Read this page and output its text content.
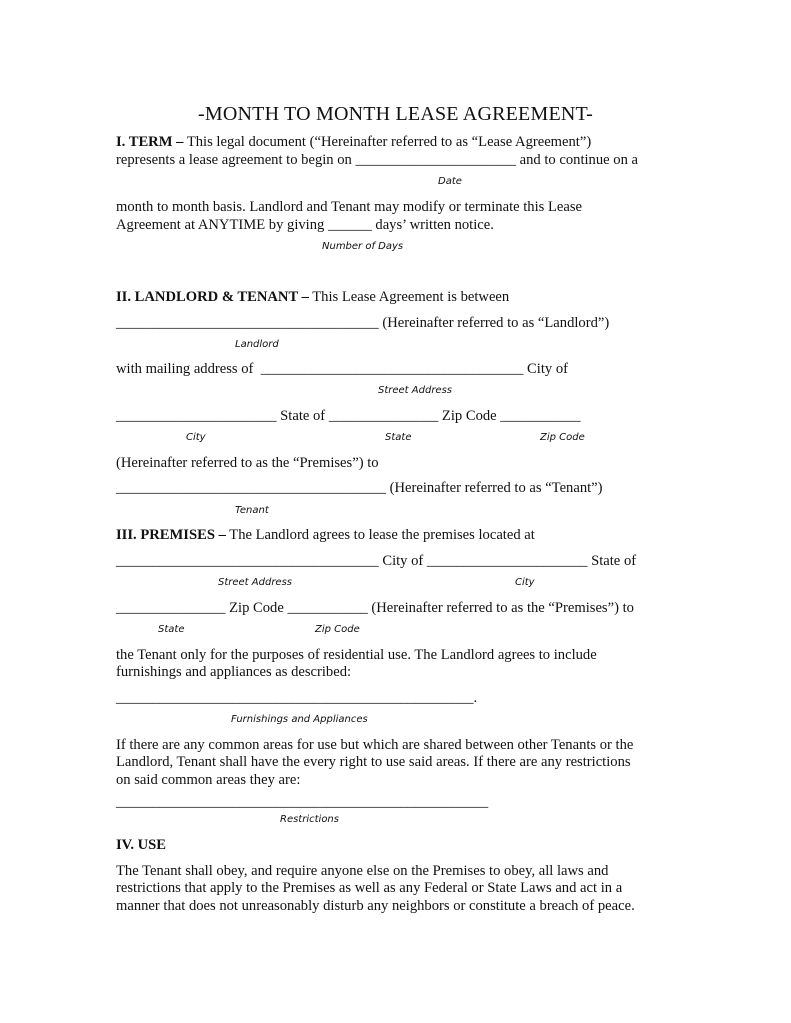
-MONTH TO MONTH LEASE AGREEMENT-
I. TERM – This legal document (“Hereinafter referred to as “Lease Agreement”)
represents a lease agreement to begin on ______________________ and to continue on a
Date
month to month basis. Landlord and Tenant may modify or terminate this Lease
Agreement at ANYTIME by giving ______ days’ written notice.
Number of Days
II. LANDLORD & TENANT – This Lease Agreement is between
____________________________________ (Hereinafter referred to as “Landlord”)
Landlord
with mailing address of  ____________________________________ City of
Street Address
______________________ State of _______________ Zip Code ___________
City	State	Zip Code
(Hereinafter referred to as the “Premises”) to
_____________________________________ (Hereinafter referred to as “Tenant”)
Tenant
III. PREMISES – The Landlord agrees to lease the premises located at
____________________________________ City of ______________________ State of
Street Address	City
_______________ Zip Code ___________ (Hereinafter referred to as the “Premises”) to
State	Zip Code
the Tenant only for the purposes of residential use. The Landlord agrees to include
furnishings and appliances as described:
_________________________________________________.
Furnishings and Appliances
If there are any common areas for use but which are shared between other Tenants or the
Landlord, Tenant shall have the every right to use said areas. If there are any restrictions
on said common areas they are:
___________________________________________________
Restrictions
IV. USE
The Tenant shall obey, and require anyone else on the Premises to obey, all laws and
restrictions that apply to the Premises as well as any Federal or State Laws and act in a
manner that does not unreasonably disturb any neighbors or constitute a breach of peace.
